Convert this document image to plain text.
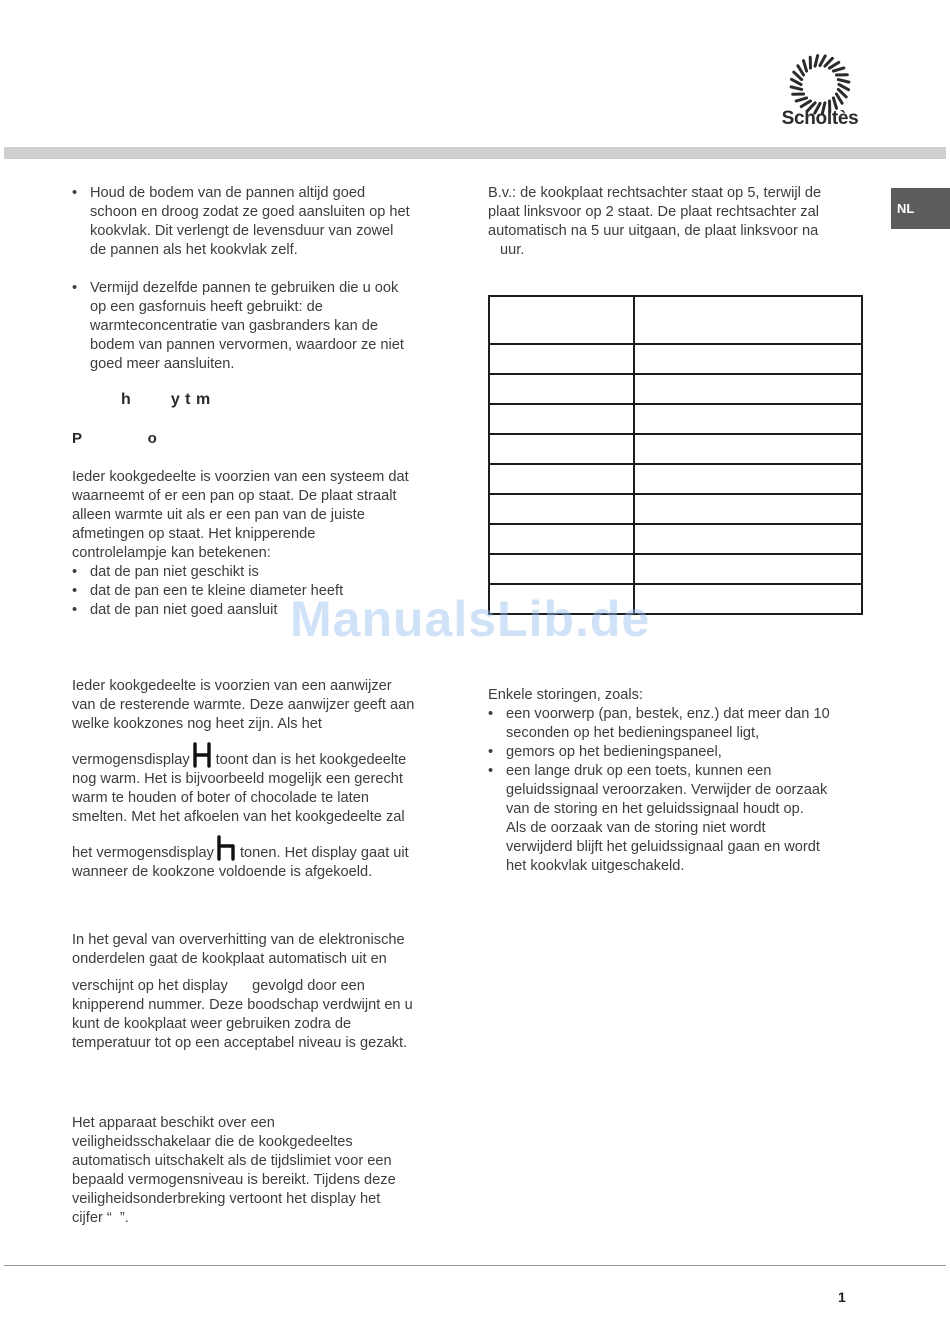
Scholtès
NL
• Houd de bodem van de pannen altijd goed
schoon en droog zodat ze goed aansluiten op het
kookvlak. Dit verlengt de levensduur van zowel
de pannen als het kookvlak zelf.
• Vermijd dezelfde pannen te gebruiken die u ook
op een gasfornuis heeft gebruikt: de
warmteconcentratie van gasbranders kan de
bodem van pannen vervormen, waardoor ze niet
goed meer aansluiten.
h        y t m
P              o
Ieder kookgedeelte is voorzien van een systeem dat
waarneemt of er een pan op staat. De plaat straalt
alleen warmte uit als er een pan van de juiste
afmetingen op staat. Het knipperende
controlelampje kan betekenen:
• dat de pan niet geschikt is
• dat de pan een te kleine diameter heeft
• dat de pan niet goed aansluit
Ieder kookgedeelte is voorzien van een aanwijzer
van de resterende warmte. Deze aanwijzer geeft aan
welke kookzones nog heet zijn. Als het
vermogensdisplay toont dan is het kookgedeelte
nog warm. Het is bijvoorbeeld mogelijk een gerecht
warm te houden of boter of chocolade te laten
smelten. Met het afkoelen van het kookgedeelte zal
het vermogensdisplay tonen. Het display gaat uit
wanneer de kookzone voldoende is afgekoeld.
In het geval van oververhitting van de elektronische
onderdelen gaat de kookplaat automatisch uit en
verschijnt op het display      gevolgd door een
knipperend nummer. Deze boodschap verdwijnt en u
kunt de kookplaat weer gebruiken zodra de
temperatuur tot op een acceptabel niveau is gezakt.
Het apparaat beschikt over een
veiligheidsschakelaar die de kookgedeeltes
automatisch uitschakelt als de tijdslimiet voor een
bepaald vermogensniveau is bereikt. Tijdens deze
veiligheidsonderbreking vertoont het display het
cijfer “  ”.
B.v.: de kookplaat rechtsachter staat op 5, terwijl de
plaat linksvoor op 2 staat. De plaat rechtsachter zal
automatisch na 5 uur uitgaan, de plaat linksvoor na
uur.

Enkele storingen, zoals:
• een voorwerp (pan, bestek, enz.) dat meer dan 10
seconden op het bedieningspaneel ligt,
• gemors op het bedieningspaneel,
• een lange druk op een toets, kunnen een
geluidssignaal veroorzaken. Verwijder de oorzaak
van de storing en het geluidssignaal houdt op.
Als de oorzaak van de storing niet wordt
verwijderd blijft het geluidssignaal gaan en wordt
het kookvlak uitgeschakeld.
ManualsLib.de
1
